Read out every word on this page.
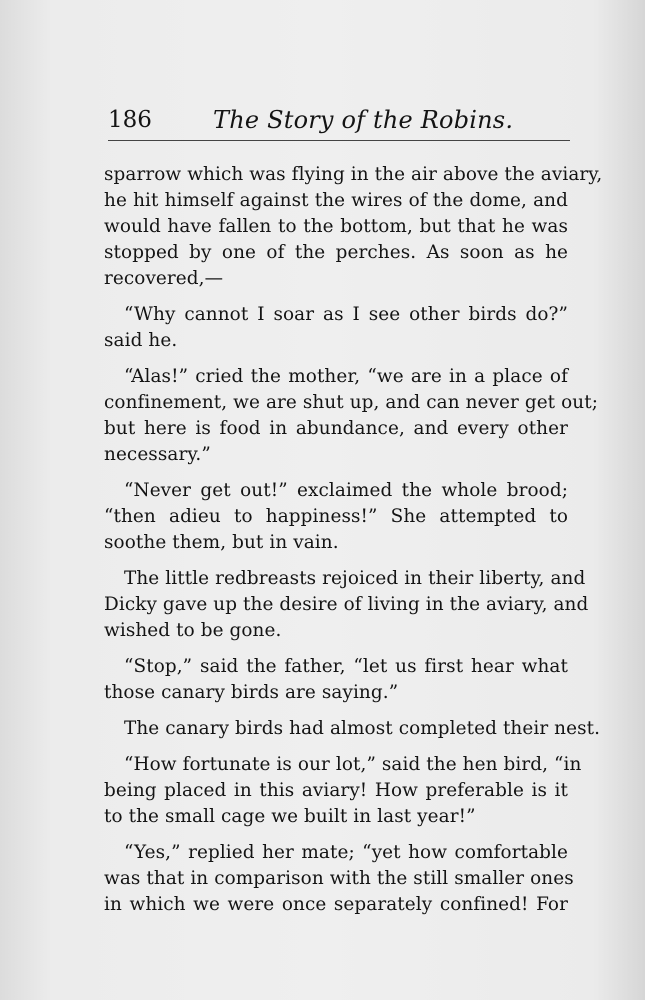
186	The Story of the Robins.
sparrow which was flying in the air above the aviary,
he hit himself against the wires of the dome, and
would have fallen to the bottom, but that he was
stopped by one of the perches. As soon as he
recovered,—
“Why cannot I soar as I see other birds do?”
said he.
“Alas!” cried the mother, “we are in a place of
confinement, we are shut up, and can never get out;
but here is food in abundance, and every other
necessary.”
“Never get out!” exclaimed the whole brood;
“then adieu to happiness!” She attempted to
soothe them, but in vain.
The little redbreasts rejoiced in their liberty, and
Dicky gave up the desire of living in the aviary, and
wished to be gone.
“Stop,” said the father, “let us first hear what
those canary birds are saying.”
The canary birds had almost completed their nest.
“How fortunate is our lot,” said the hen bird, “in
being placed in this aviary! How preferable is it
to the small cage we built in last year!”
“Yes,” replied her mate; “yet how comfortable
was that in comparison with the still smaller ones
in which we were once separately confined! For
